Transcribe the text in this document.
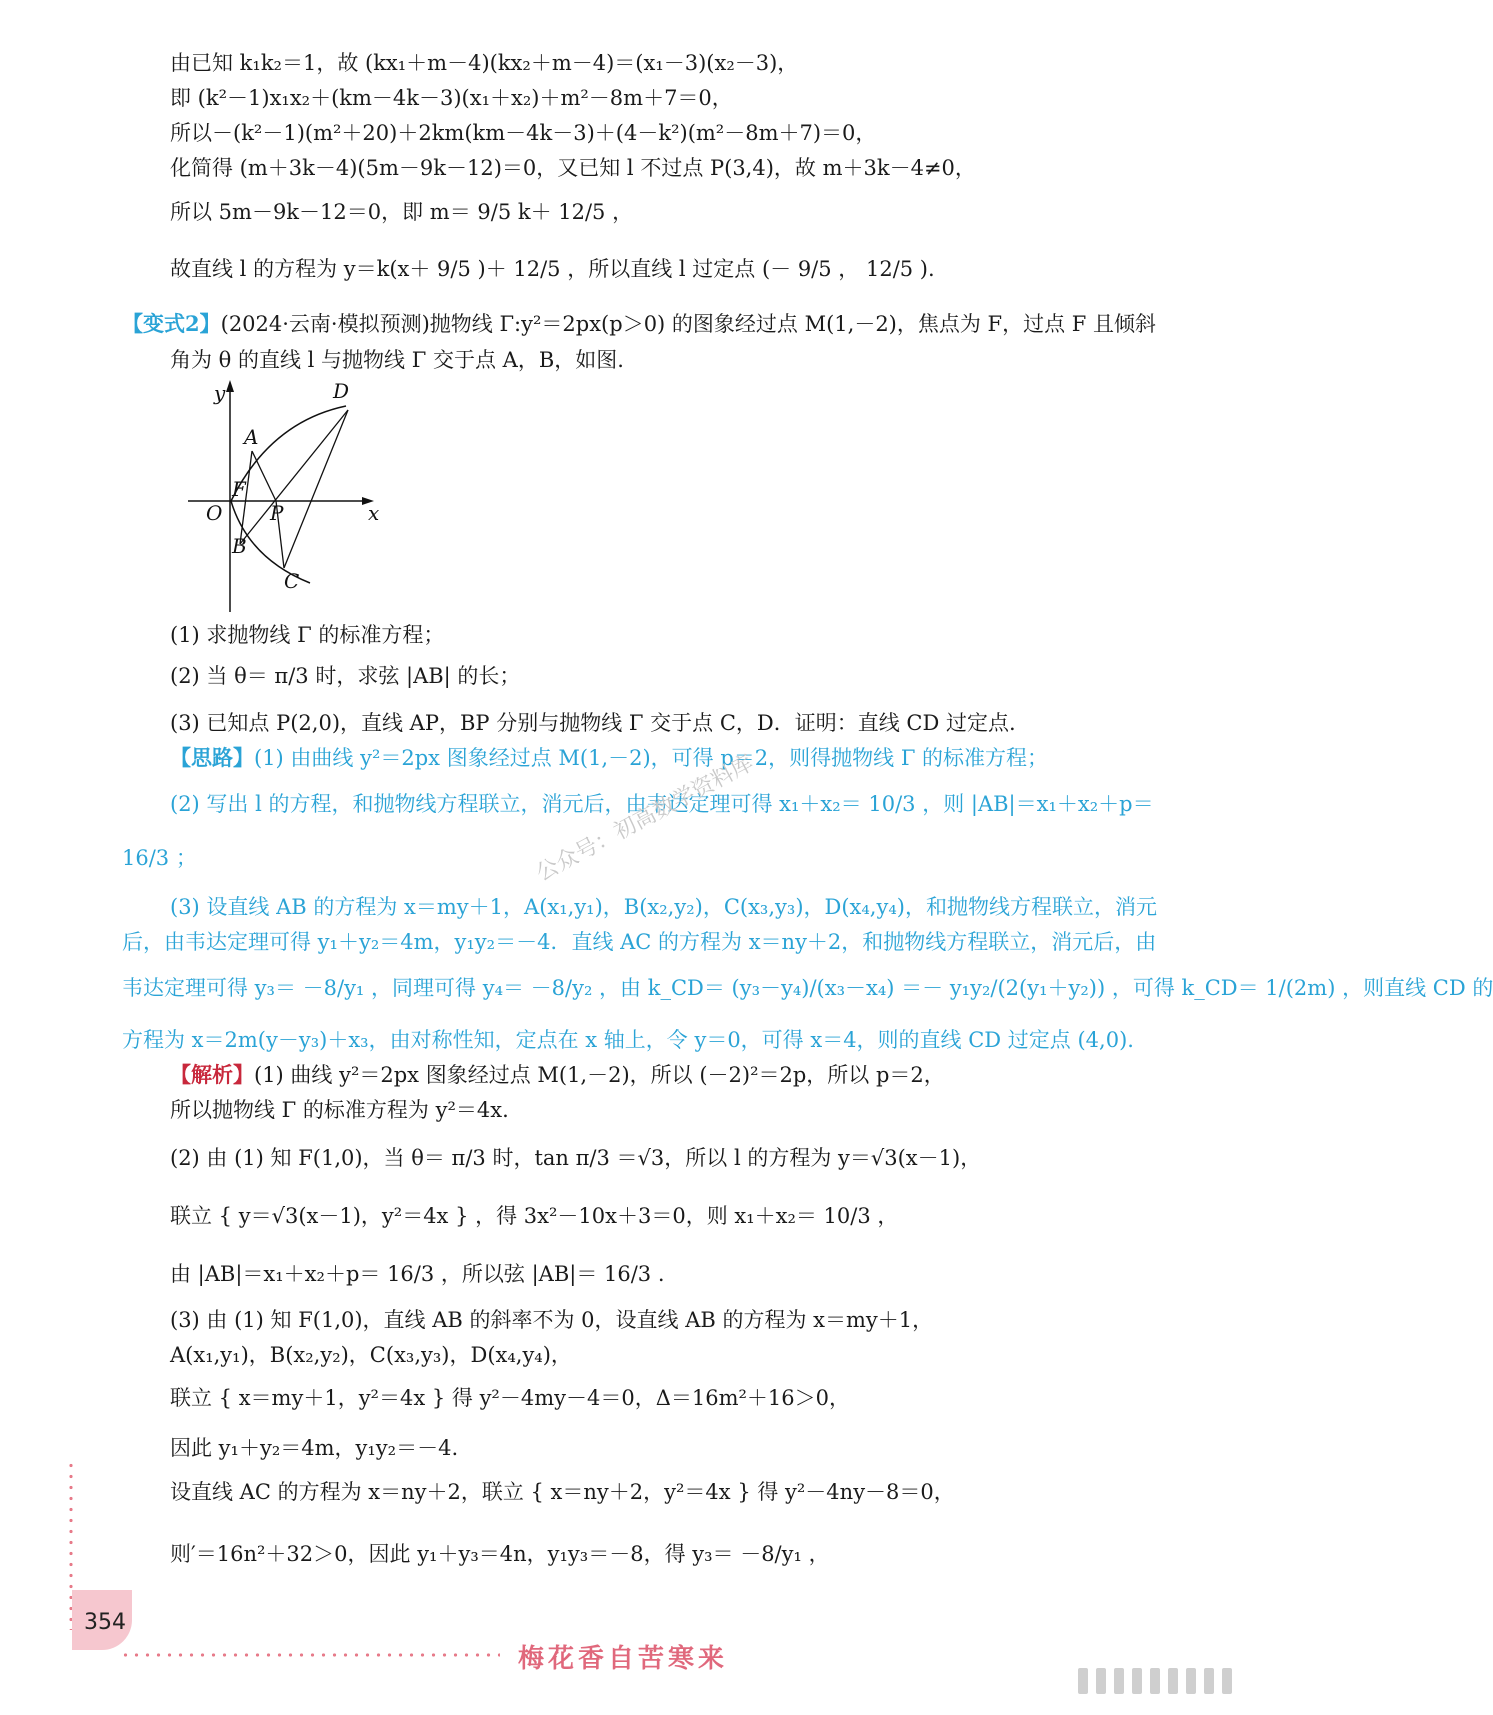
由已知 k₁k₂＝1，故 (kx₁＋m－4)(kx₂＋m－4)＝(x₁－3)(x₂－3)，
即 (k²－1)x₁x₂＋(km－4k－3)(x₁＋x₂)＋m²－8m＋7＝0，
所以－(k²－1)(m²＋20)＋2km(km－4k－3)＋(4－k²)(m²－8m＋7)＝0，
化简得 (m＋3k－4)(5m－9k－12)＝0，又已知 l 不过点 P(3,4)，故 m＋3k－4≠0，
所以 5m－9k－12＝0，即 m＝ 9/5 k＋ 12/5 ，
故直线 l 的方程为 y＝k(x＋ 9/5 )＋ 12/5 ，所以直线 l 过定点 (－ 9/5 ， 12/5 ).
【变式2】(2024·云南·模拟预测)抛物线 Γ:y²＝2px(p＞0) 的图象经过点 M(1,－2)，焦点为 F，过点 F 且倾斜
角为 θ 的直线 l 与抛物线 Γ 交于点 A，B，如图.
y
x
O
A
B
C
D
F
P
(1) 求抛物线 Γ 的标准方程；
(2) 当 θ＝ π/3 时，求弦 |AB| 的长；
(3) 已知点 P(2,0)，直线 AP，BP 分别与抛物线 Γ 交于点 C，D．证明：直线 CD 过定点.
【思路】(1) 由曲线 y²＝2px 图象经过点 M(1,－2)，可得 p＝2，则得抛物线 Γ 的标准方程；
(2) 写出 l 的方程，和抛物线方程联立，消元后，由韦达定理可得 x₁＋x₂＝ 10/3 ，则 |AB|＝x₁＋x₂＋p＝
16/3 ；
(3) 设直线 AB 的方程为 x＝my＋1，A(x₁,y₁)，B(x₂,y₂)，C(x₃,y₃)，D(x₄,y₄)，和抛物线方程联立，消元
后，由韦达定理可得 y₁＋y₂＝4m，y₁y₂＝－4．直线 AC 的方程为 x＝ny＋2，和抛物线方程联立，消元后，由
韦达定理可得 y₃＝ －8/y₁ ，同理可得 y₄＝ －8/y₂ ，由 k_CD＝ (y₃－y₄)/(x₃－x₄) ＝－ y₁y₂/(2(y₁＋y₂)) ，可得 k_CD＝ 1/(2m) ，则直线 CD 的
方程为 x＝2m(y－y₃)＋x₃，由对称性知，定点在 x 轴上，令 y＝0，可得 x＝4，则的直线 CD 过定点 (4,0).
【解析】(1) 曲线 y²＝2px 图象经过点 M(1,－2)，所以 (－2)²＝2p，所以 p＝2，
所以抛物线 Γ 的标准方程为 y²＝4x.
(2) 由 (1) 知 F(1,0)，当 θ＝ π/3 时，tan π/3 ＝√3，所以 l 的方程为 y＝√3(x－1)，
联立 { y＝√3(x－1)，y²＝4x } ，得 3x²－10x＋3＝0，则 x₁＋x₂＝ 10/3 ，
由 |AB|＝x₁＋x₂＋p＝ 16/3 ，所以弦 |AB|＝ 16/3 .
(3) 由 (1) 知 F(1,0)，直线 AB 的斜率不为 0，设直线 AB 的方程为 x＝my＋1，
A(x₁,y₁)，B(x₂,y₂)，C(x₃,y₃)，D(x₄,y₄)，
联立 { x＝my＋1，y²＝4x } 得 y²－4my－4＝0，Δ＝16m²＋16＞0，
因此 y₁＋y₂＝4m，y₁y₂＝－4.
设直线 AC 的方程为 x＝ny＋2，联立 { x＝ny＋2，y²＝4x } 得 y²－4ny－8＝0，
则′＝16n²＋32＞0，因此 y₁＋y₃＝4n，y₁y₃＝－8，得 y₃＝ －8/y₁ ，
公众号：初高数学资料库
354
梅花香自苦寒来
